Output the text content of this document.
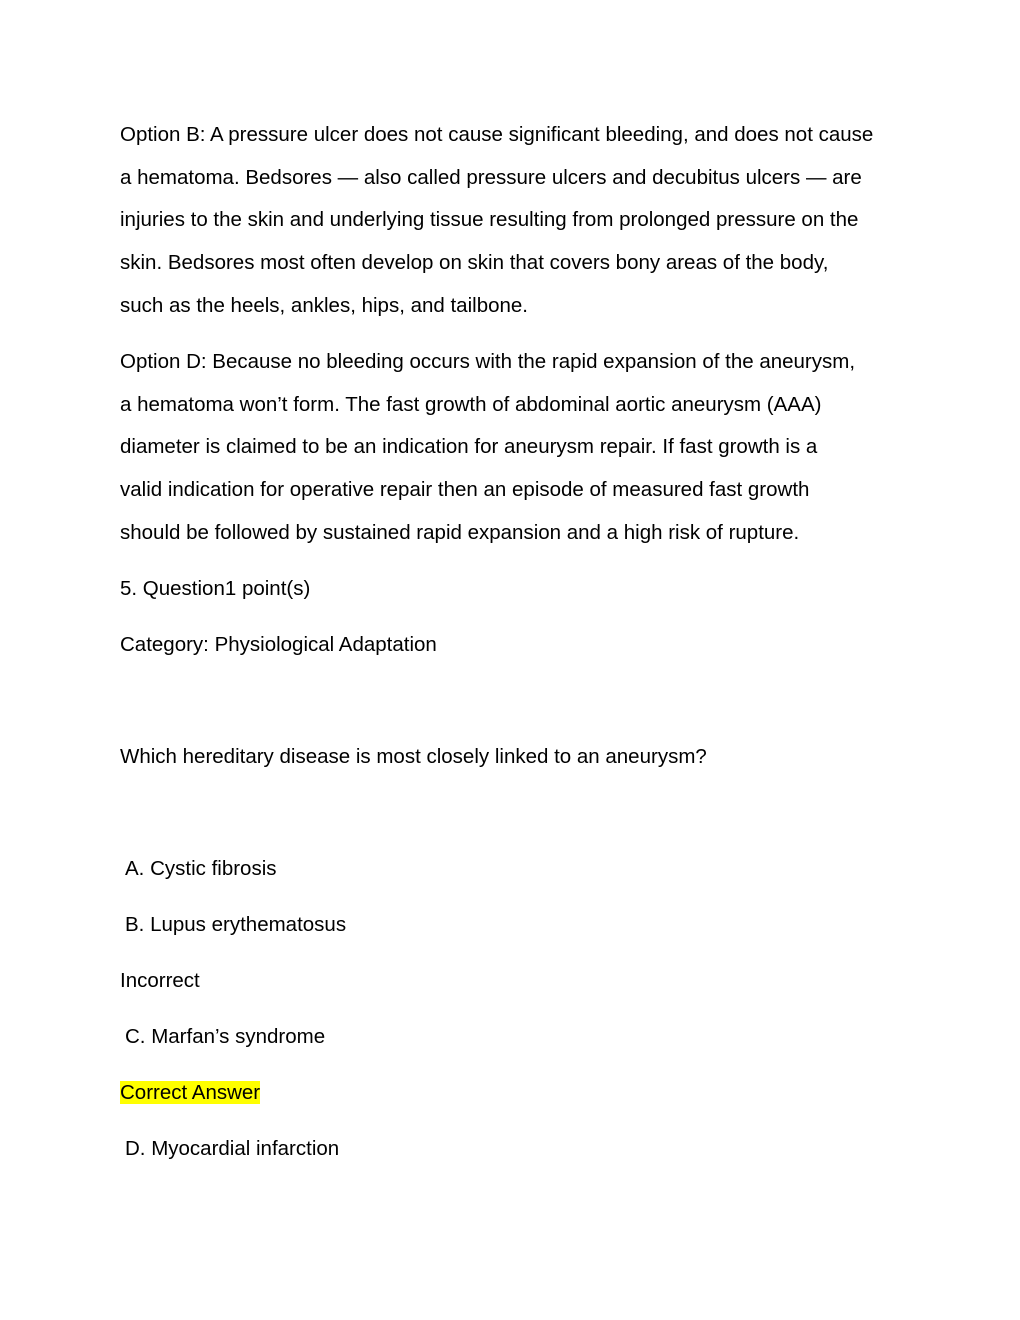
Option B: A pressure ulcer does not cause significant bleeding, and does not cause
a hematoma. Bedsores — also called pressure ulcers and decubitus ulcers — are
injuries to the skin and underlying tissue resulting from prolonged pressure on the
skin. Bedsores most often develop on skin that covers bony areas of the body,
such as the heels, ankles, hips, and tailbone.
Option D: Because no bleeding occurs with the rapid expansion of the aneurysm,
a hematoma won’t form. The fast growth of abdominal aortic aneurysm (AAA)
diameter is claimed to be an indication for aneurysm repair. If fast growth is a
valid indication for operative repair then an episode of measured fast growth
should be followed by sustained rapid expansion and a high risk of rupture.
5. Question1 point(s)
Category: Physiological Adaptation
Which hereditary disease is most closely linked to an aneurysm?
A. Cystic fibrosis
B. Lupus erythematosus
Incorrect
C. Marfan’s syndrome
Correct Answer
D. Myocardial infarction
